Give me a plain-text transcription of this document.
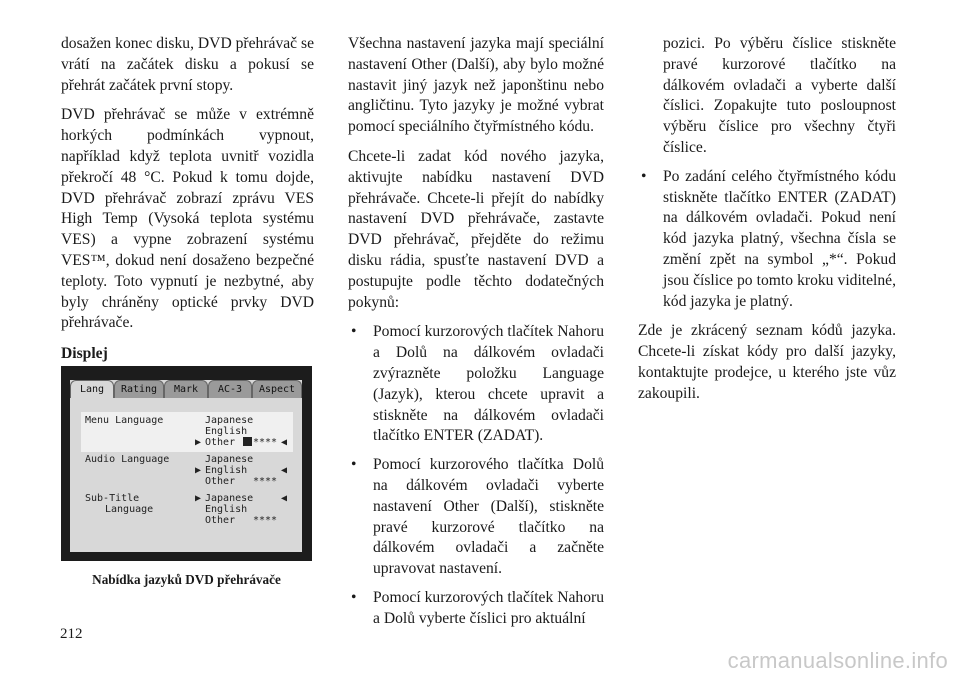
dosažen konec disku, DVD přehrávač se vrátí na začátek disku a pokusí se přehrát začátek první stopy.

DVD přehrávač se může v extrémně horkých podmínkách vypnout, například když teplota uvnitř vozidla překročí 48 °C. Pokud k tomu dojde, DVD přehrávač zobrazí zprávu VES High Temp (Vysoká teplota systému VES) a vypne zobrazení systému VES™, dokud není dosaženo bezpečné teploty. Toto vypnutí je nezbytné, aby byly chráněny optické prvky DVD přehrávače.

Displej
Lang	Rating	Mark	AC-3	Aspect
Menu Language	Japanese
English
▶ Other **** ◀
Audio Language	Japanese
▶ English	◀
Other ****
Sub-Title
Language
▶ Japanese	◀
English
Other ****
Nabídka jazyků DVD přehrávače

Všechna nastavení jazyka mají speciální nastavení Other (Další), aby bylo možné nastavit jiný jazyk než japonštinu nebo angličtinu. Tyto jazyky je možné vybrat pomocí speciálního čtyřmístného kódu.

Chcete-li zadat kód nového jazyka, aktivujte nabídku nastavení DVD přehrávače. Chcete-li přejít do nabídky nastavení DVD přehrávače, zastavte DVD přehrávač, přejděte do režimu disku rádia, spusťte nastavení DVD a postupujte podle těchto dodatečných pokynů:

• Pomocí kurzorových tlačítek Nahoru a Dolů na dálkovém ovladači zvýrazněte položku Language (Jazyk), kterou chcete upravit a stiskněte na dálkovém ovladači tlačítko ENTER (ZADAT).
• Pomocí kurzorového tlačítka Dolů na dálkovém ovladači vyberte nastavení Other (Další), stiskněte pravé kurzorové tlačítko na dálkovém ovladači a začněte upravovat nastavení.
• Pomocí kurzorových tlačítek Nahoru a Dolů vyberte číslici pro aktuální
pozici. Po výběru číslice stiskněte pravé kurzorové tlačítko na dálkovém ovladači a vyberte další číslici. Zopakujte tuto posloupnost výběru číslice pro všechny čtyři číslice.
• Po zadání celého čtyřmístného kódu stiskněte tlačítko ENTER (ZADAT) na dálkovém ovladači. Pokud není kód jazyka platný, všechna čísla se změní zpět na symbol „*“. Pokud jsou číslice po tomto kroku viditelné, kód jazyka je platný.

Zde je zkrácený seznam kódů jazyka. Chcete-li získat kódy pro další jazyky, kontaktujte prodejce, u kterého jste vůz zakoupili.

212
carmanualsonline.info
